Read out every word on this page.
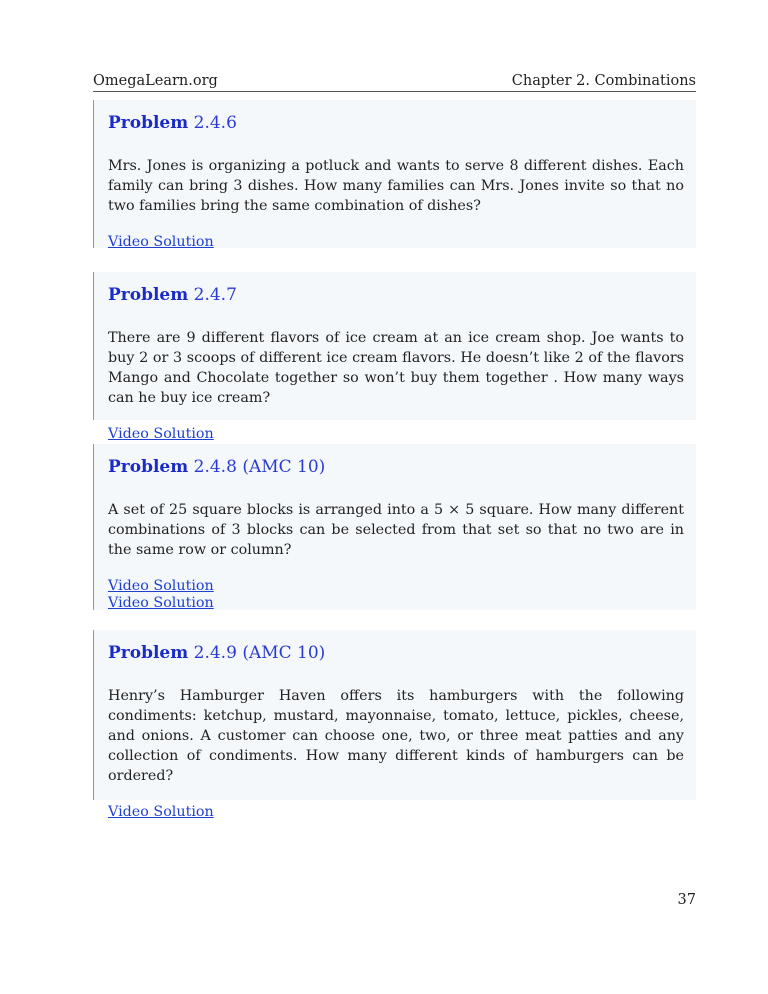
OmegaLearn.org	Chapter 2. Combinations
Problem 2.4.6
Mrs. Jones is organizing a potluck and wants to serve 8 different dishes. Each family can bring 3 dishes. How many families can Mrs. Jones invite so that no two families bring the same combination of dishes?
Video Solution
Problem 2.4.7
There are 9 different flavors of ice cream at an ice cream shop. Joe wants to buy 2 or 3 scoops of different ice cream flavors. He doesn’t like 2 of the flavors Mango and Chocolate together so won’t buy them together . How many ways can he buy ice cream?
Video Solution
Problem 2.4.8 (AMC 10)
A set of 25 square blocks is arranged into a 5 × 5 square. How many different combinations of 3 blocks can be selected from that set so that no two are in the same row or column?
Video Solution
Video Solution
Problem 2.4.9 (AMC 10)
Henry’s Hamburger Haven offers its hamburgers with the following condiments: ketchup, mustard, mayonnaise, tomato, lettuce, pickles, cheese, and onions. A customer can choose one, two, or three meat patties and any collection of condiments. How many different kinds of hamburgers can be ordered?
Video Solution
37
